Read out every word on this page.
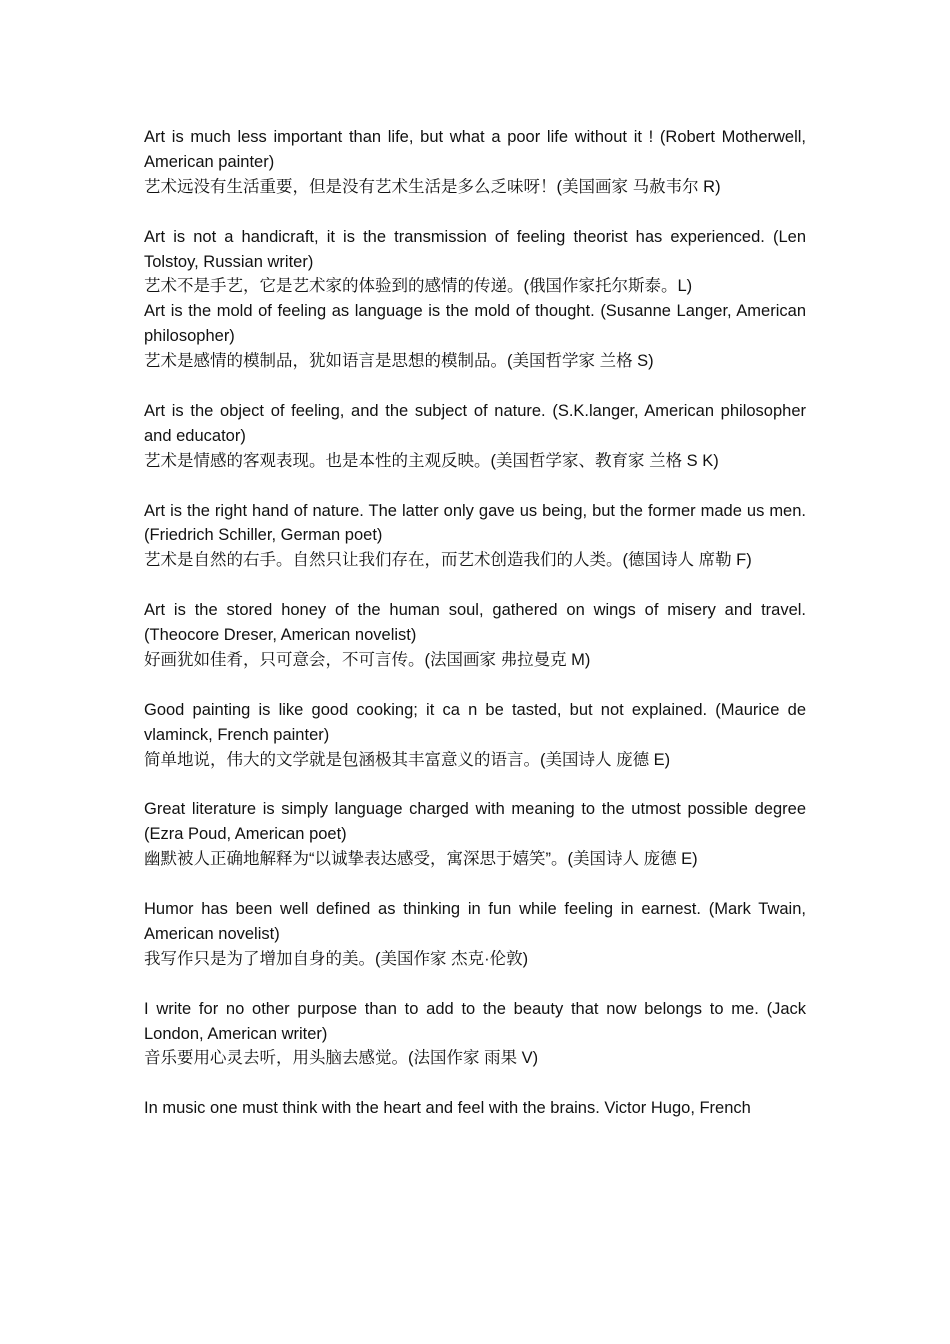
Art is much less important than life, but what a poor life without it ! (Robert Motherwell, American painter)
艺术远没有生活重要，但是没有艺术生活是多么乏味呀！(美国画家 马赦韦尔 R)
Art is not a handicraft, it is the transmission of feeling theorist has experienced. (Len Tolstoy, Russian writer)
艺术不是手艺，它是艺术家的体验到的感情的传递。(俄国作家托尔斯泰。L)
Art is the mold of feeling as language is the mold of thought. (Susanne Langer, American philosopher)
艺术是感情的模制品，犹如语言是思想的模制品。(美国哲学家 兰格 S)
Art is the object of feeling, and the subject of nature. (S.K.langer, American philosopher and educator)
艺术是情感的客观表现。也是本性的主观反映。(美国哲学家、教育家 兰格 S K)
Art is the right hand of nature. The latter only gave us being, but the former made us men. (Friedrich Schiller, German poet)
艺术是自然的右手。自然只让我们存在，而艺术创造我们的人类。(德国诗人 席勒 F)
Art is the stored honey of the human soul, gathered on wings of misery and travel. (Theocore Dreser, American novelist)
好画犹如佳肴，只可意会，不可言传。(法国画家 弗拉曼克 M)
Good painting is like good cooking; it ca n be tasted, but not explained. (Maurice de vlaminck, French painter)
简单地说，伟大的文学就是包涵极其丰富意义的语言。(美国诗人 庞德 E)
Great literature is simply language charged with meaning to the utmost possible degree (Ezra Poud, American poet)
幽默被人正确地解释为“以诚挚表达感受，寓深思于嬉笑”。(美国诗人 庞德 E)
Humor has been well defined as thinking in fun while feeling in earnest. (Mark Twain, American novelist)
我写作只是为了增加自身的美。(美国作家 杰克·伦敦)
I write for no other purpose than to add to the beauty that now belongs to me. (Jack London, American writer)
音乐要用心灵去听，用头脑去感觉。(法国作家 雨果 V)
In music one must think with the heart and feel with the brains. Victor Hugo, French
